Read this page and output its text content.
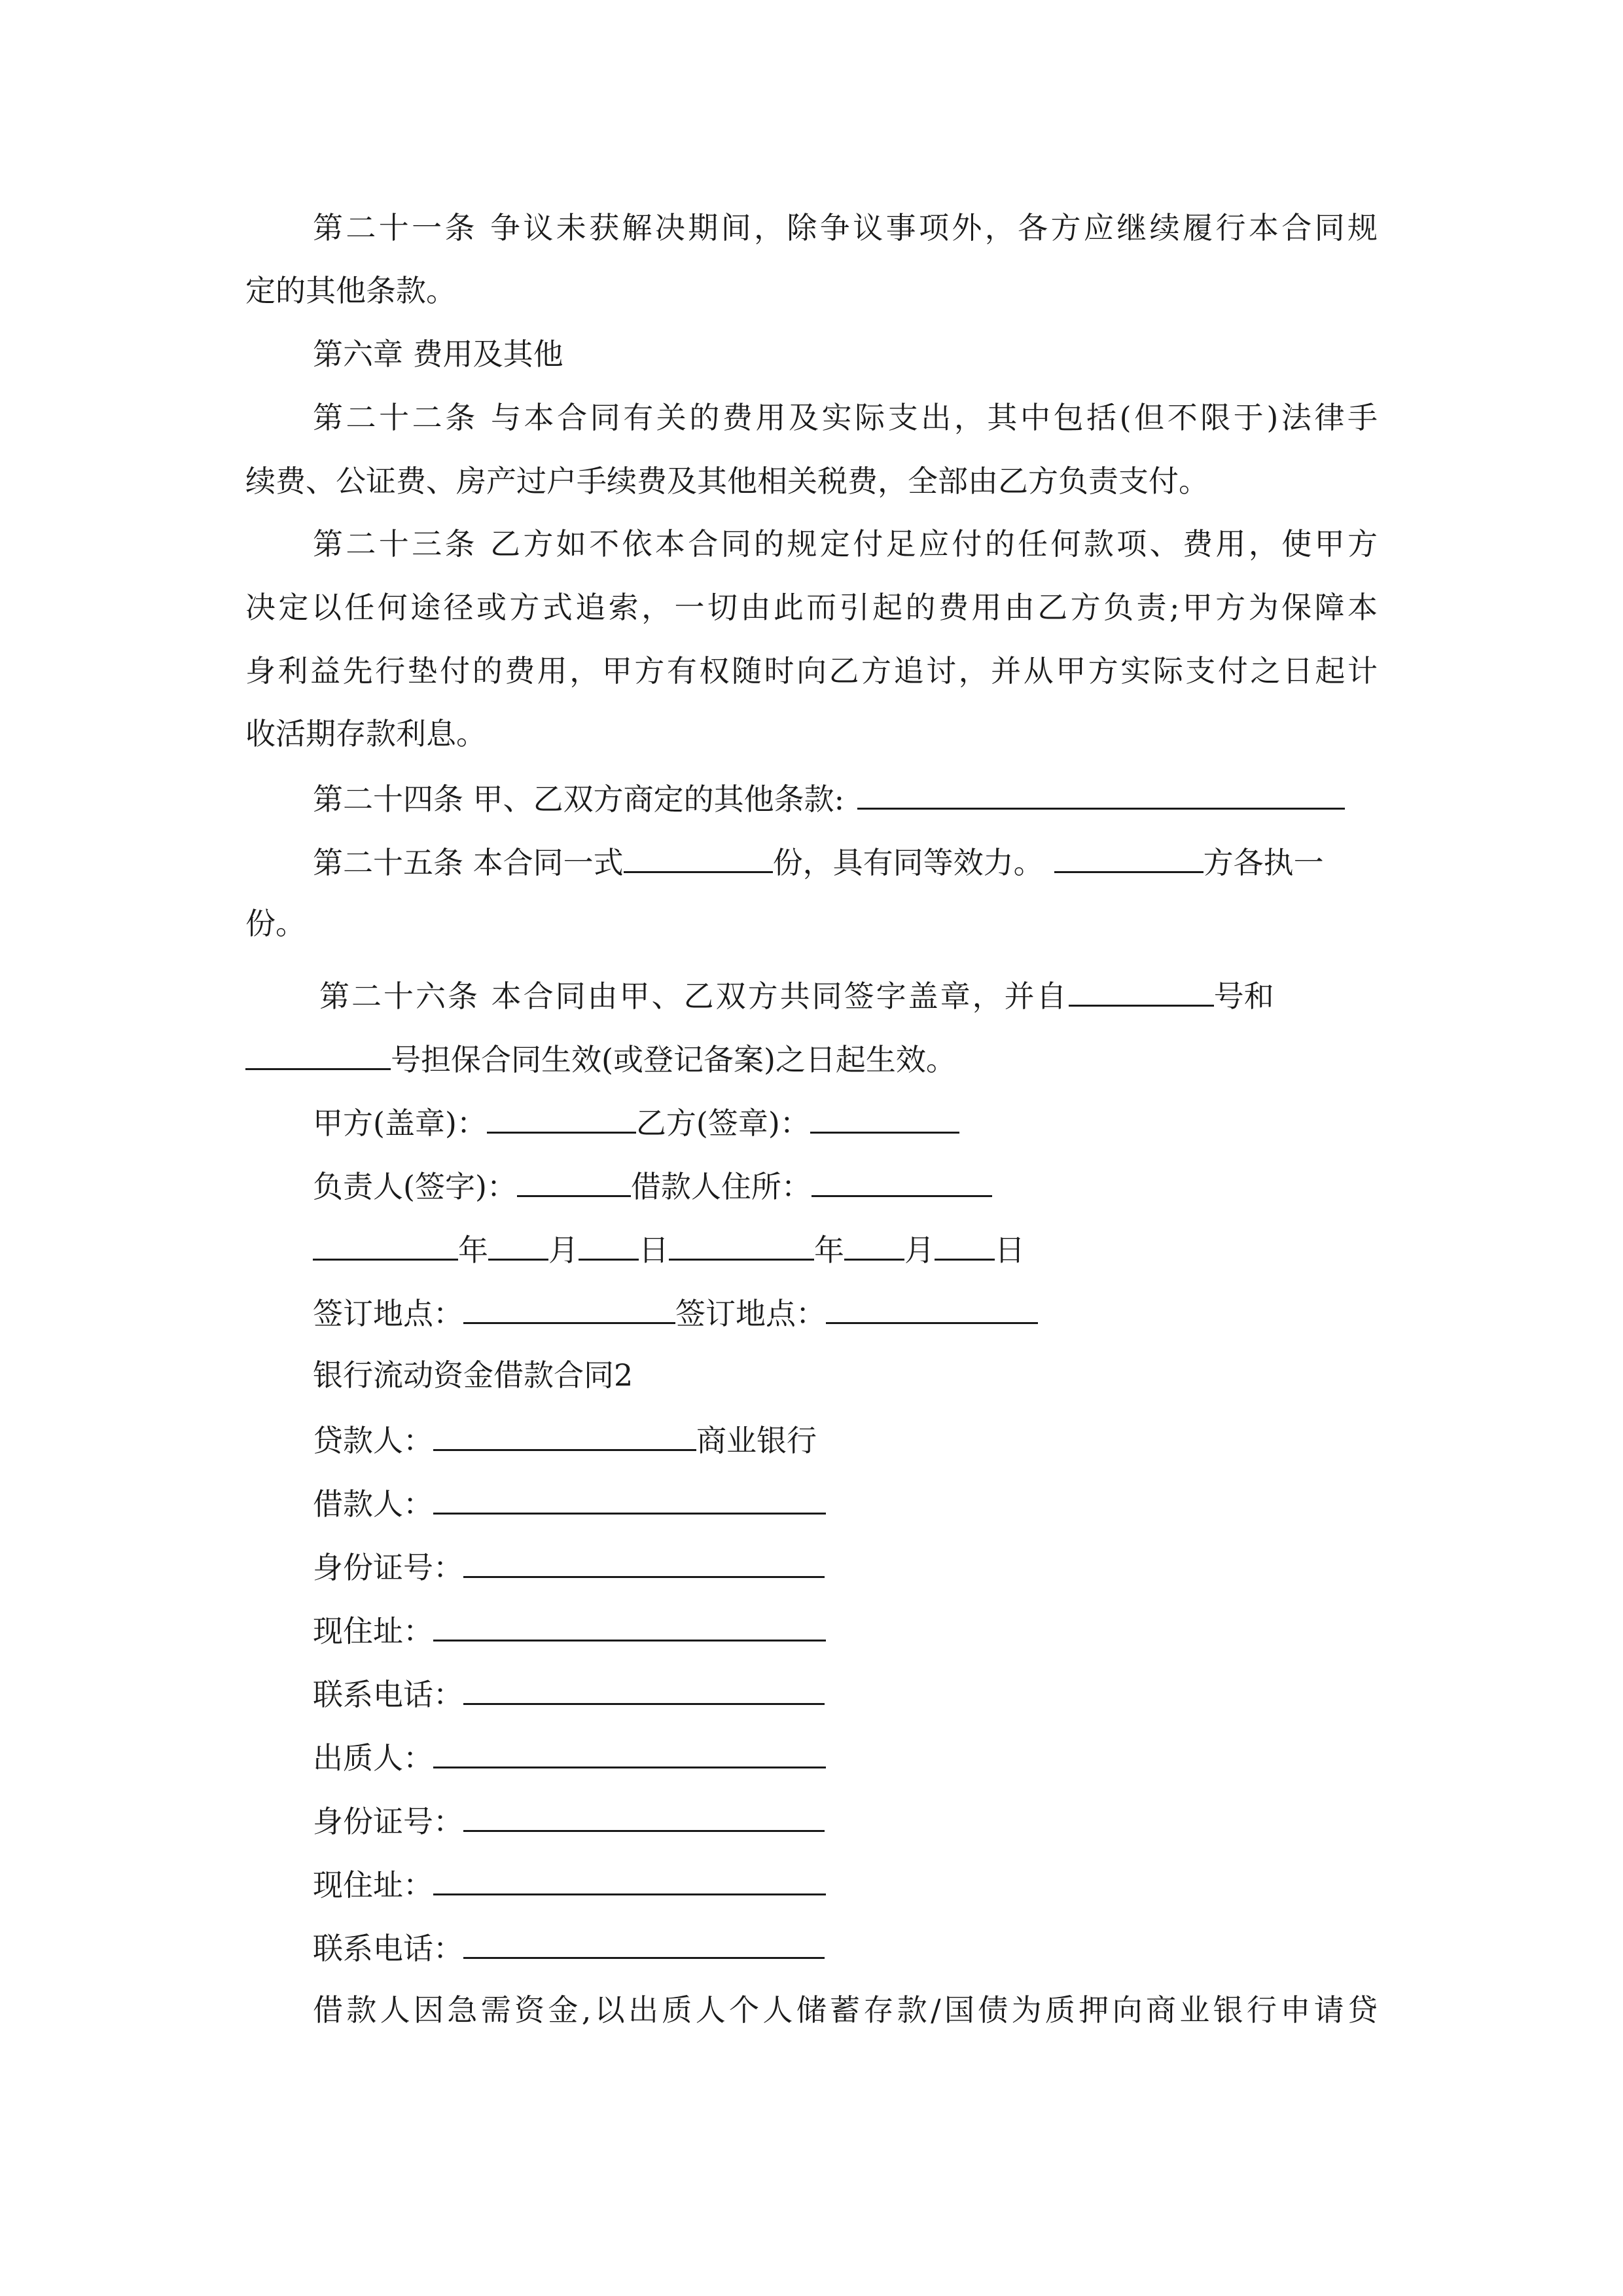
第二十一条 争议未获解决期间，除争议事项外，各方应继续履行本合同规
定的其他条款。
第六章 费用及其他
第二十二条 与本合同有关的费用及实际支出，其中包括(但不限于)法律手
续费、公证费、房产过户手续费及其他相关税费，全部由乙方负责支付。
第二十三条 乙方如不依本合同的规定付足应付的任何款项、费用，使甲方
决定以任何途径或方式追索，一切由此而引起的费用由乙方负责;甲方为保障本
身利益先行垫付的费用，甲方有权随时向乙方追讨，并从甲方实际支付之日起计
收活期存款利息。
第二十四条 甲、乙双方商定的其他条款:
第二十五条 本合同一式	份，具有同等效力。	方各执一
份。
第二十六条 本合同由甲、乙双方共同签字盖章，并自	号和
号担保合同生效(或登记备案)之日起生效。
甲方(盖章)：	乙方(签章)：
负责人(签字)：	借款人住所：
年 月 日	年 月 日
签订地点：	签订地点：
银行流动资金借款合同2
贷款人：	商业银行
借款人：
身份证号：
现住址：
联系电话：
出质人：
身份证号：
现住址：
联系电话：
借款人因急需资金,以出质人个人储蓄存款/国债为质押向商业银行申请贷
